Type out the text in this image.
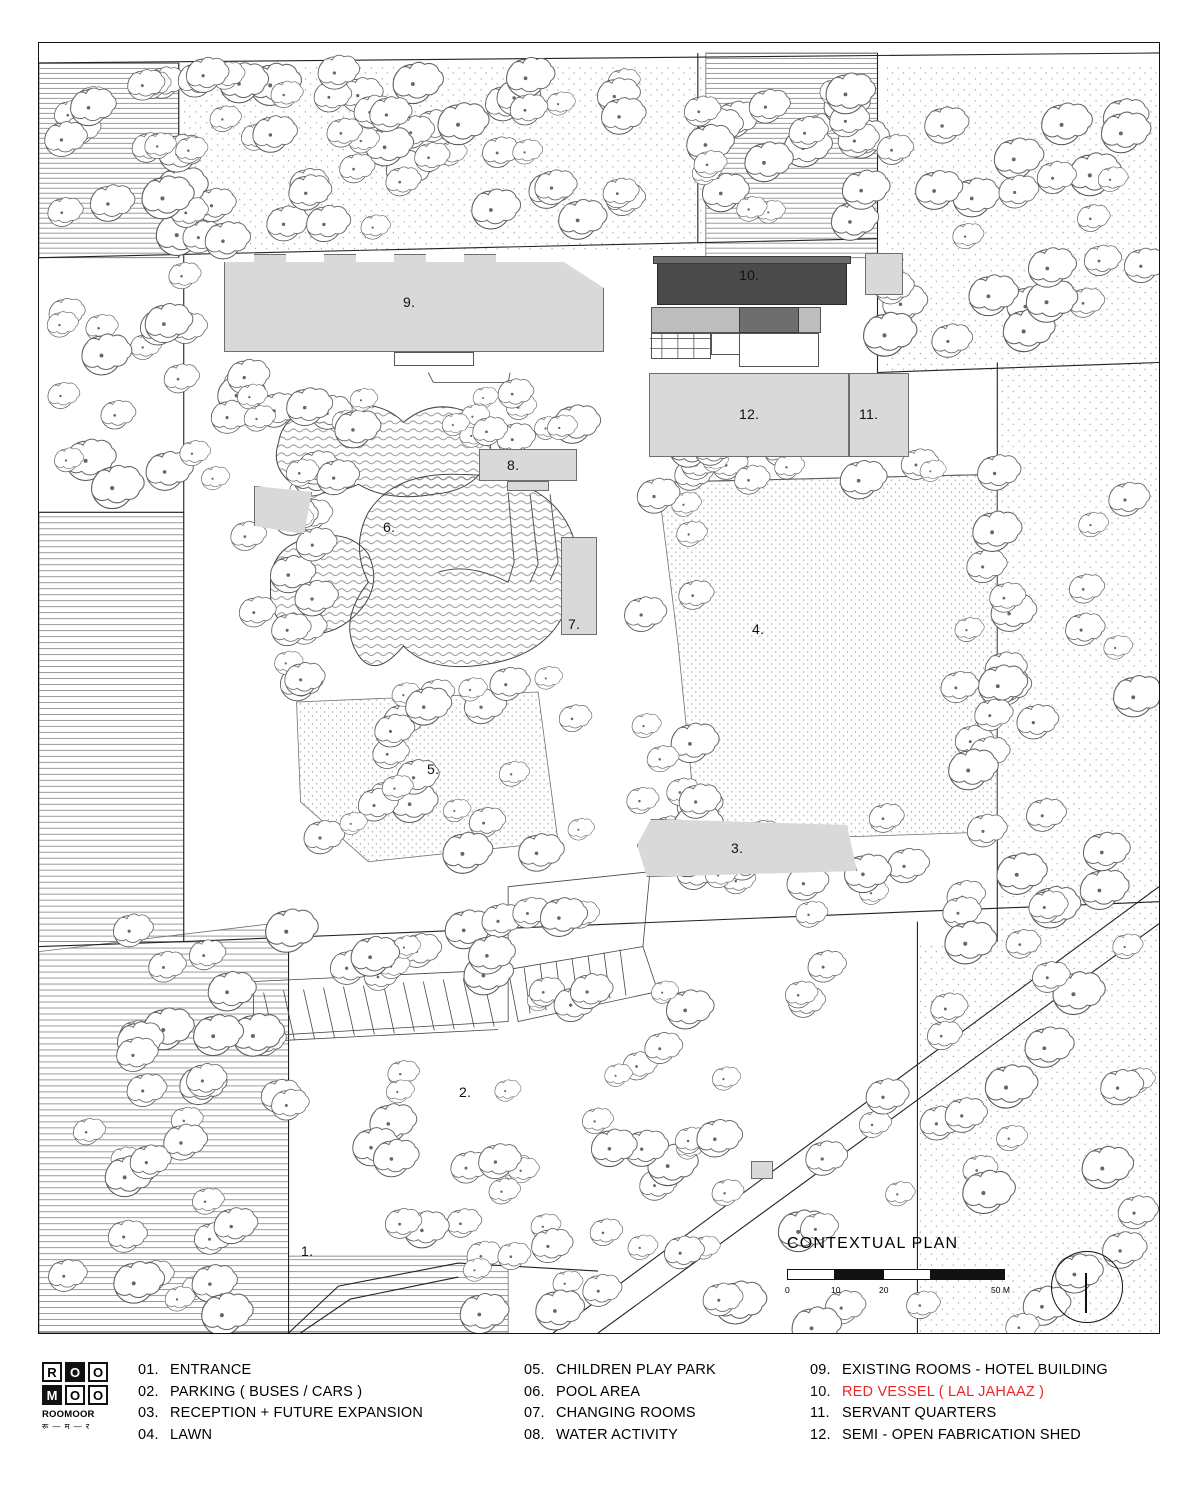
9.
10.
12.	11.
8.
6.
7.	4.
5.
3.
2.
1.	CONTEXTUAL PLAN
0	10	20	50 M
R	O O
M O O
ROOMOOR
रू — म — र
01. ENTRANCE
02. PARKING ( BUSES / CARS )
03. RECEPTION + FUTURE EXPANSION
04. LAWN
05. CHILDREN PLAY PARK
06. POOL AREA
07. CHANGING ROOMS
08. WATER ACTIVITY
09. EXISTING ROOMS - HOTEL BUILDING
10. RED VESSEL ( LAL JAHAAZ )
11. SERVANT QUARTERS
12. SEMI - OPEN FABRICATION SHED
